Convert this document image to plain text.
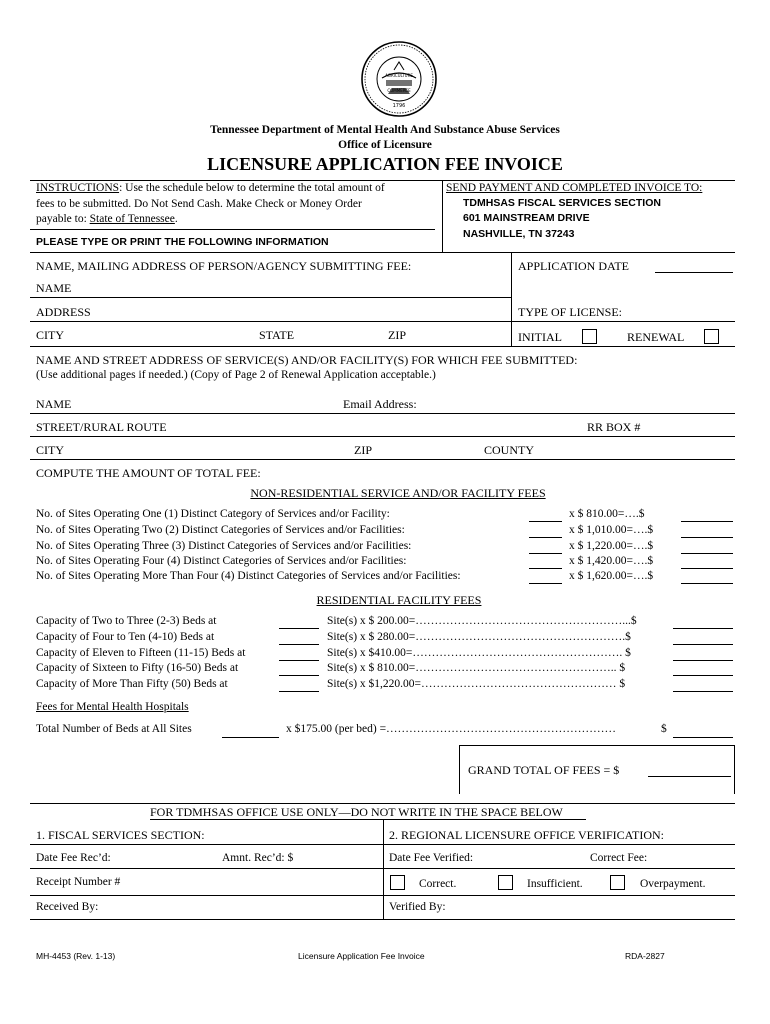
AGRICULTURE
COMMERCE
1796
Tennessee Department of Mental Health And Substance Abuse Services
Office of Licensure
LICENSURE APPLICATION FEE INVOICE
INSTRUCTIONS: Use the schedule below to determine the total amount of
fees to be submitted. Do Not Send Cash. Make Check or Money Order
payable to: State of Tennessee.
PLEASE TYPE OR PRINT THE FOLLOWING INFORMATION
SEND PAYMENT AND COMPLETED INVOICE TO:
TDMHSAS FISCAL SERVICES SECTION
601 MAINSTREAM DRIVE
NASHVILLE, TN 37243
NAME, MAILING ADDRESS OF PERSON/AGENCY SUBMITTING FEE:	APPLICATION DATE
NAME
ADDRESS	TYPE OF LICENSE:
CITY	STATE	ZIP	INITIAL	RENEWAL
NAME AND STREET ADDRESS OF SERVICE(S) AND/OR FACILITY(S) FOR WHICH FEE SUBMITTED:
(Use additional pages if needed.) (Copy of Page 2 of Renewal Application acceptable.)
NAME	Email Address:
STREET/RURAL ROUTE	RR BOX #
CITY	ZIP	COUNTY
COMPUTE THE AMOUNT OF TOTAL FEE:
NON-RESIDENTIAL SERVICE AND/OR FACILITY FEES
No. of Sites Operating One (1) Distinct Category of Services and/or Facility:	x $ 810.00=….$
No. of Sites Operating Two (2) Distinct Categories of Services and/or Facilities:	x $ 1,010.00=….$
No. of Sites Operating Three (3) Distinct Categories of Services and/or Facilities:	x $ 1,220.00=….$
No. of Sites Operating Four (4) Distinct Categories of Services and/or Facilities:	x $ 1,420.00=….$
No. of Sites Operating More Than Four (4) Distinct Categories of Services and/or Facilities:	x $ 1,620.00=….$
RESIDENTIAL FACILITY FEES
Capacity of Two to Three (2-3) Beds at	Site(s) x $ 200.00=………………………………………………...$
Capacity of Four to Ten (4-10) Beds at	Site(s) x $ 280.00=……………………………………………….$
Capacity of Eleven to Fifteen (11-15) Beds at	Site(s) x $410.00=………………………………………………. $
Capacity of Sixteen to Fifty (16-50) Beds at	Site(s) x $ 810.00=…………………………………………….. $
Capacity of More Than Fifty (50) Beds at	Site(s) x $1,220.00=…………………………………………… $
Fees for Mental Health Hospitals
Total Number of Beds at All Sites	x $175.00 (per bed) =……………………………………………………	$
GRAND TOTAL OF FEES = $
FOR TDMHSAS OFFICE USE ONLY—DO NOT WRITE IN THE SPACE BELOW
1. FISCAL SERVICES SECTION:	2. REGIONAL LICENSURE OFFICE VERIFICATION:
Date Fee Rec’d:	Amnt. Rec’d: $	Date Fee Verified:	Correct Fee:
Receipt Number #	Correct.	Insufficient.	Overpayment.
Received By:	Verified By:
MH-4453 (Rev. 1-13)	Licensure Application Fee Invoice	RDA-2827
